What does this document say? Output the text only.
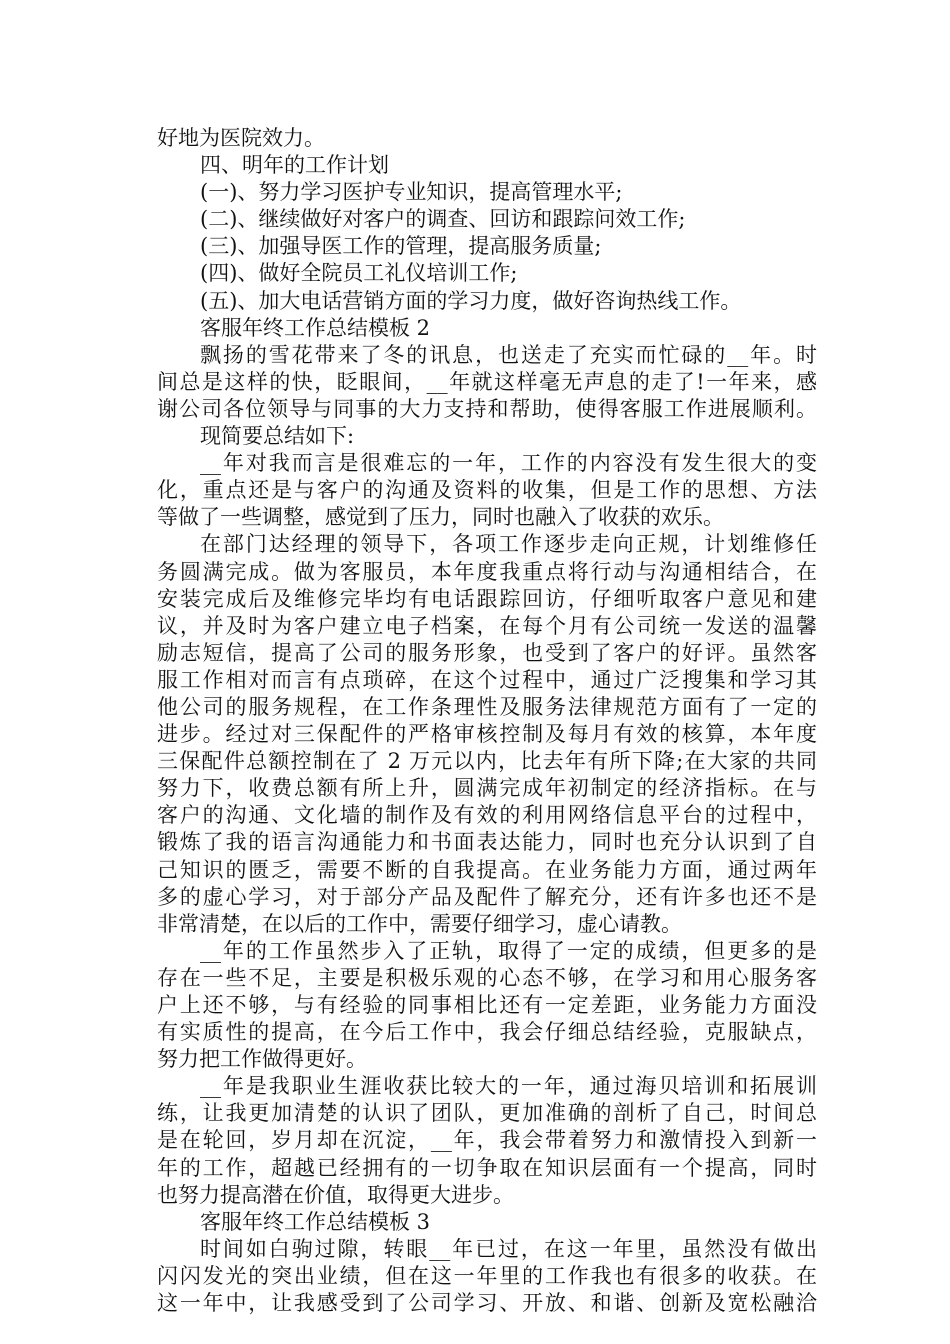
好地为医院效力。
四、明年的工作计划
(一)、努力学习医护专业知识，提高管理水平;
(二)、继续做好对客户的调查、回访和跟踪问效工作;
(三)、加强导医工作的管理，提高服务质量;
(四)、做好全院员工礼仪培训工作;
(五)、加大电话营销方面的学习力度，做好咨询热线工作。
客服年终工作总结模板 2
飘扬的雪花带来了冬的讯息，也送走了充实而忙碌的__年。时
间总是这样的快，眨眼间，__年就这样毫无声息的走了!一年来，感
谢公司各位领导与同事的大力支持和帮助，使得客服工作进展顺利。
现简要总结如下:
__年对我而言是很难忘的一年，工作的内容没有发生很大的变
化，重点还是与客户的沟通及资料的收集，但是工作的思想、方法
等做了一些调整，感觉到了压力，同时也融入了收获的欢乐。
在部门达经理的领导下，各项工作逐步走向正规，计划维修任
务圆满完成。做为客服员，本年度我重点将行动与沟通相结合，在
安装完成后及维修完毕均有电话跟踪回访，仔细听取客户意见和建
议，并及时为客户建立电子档案，在每个月有公司统一发送的温馨
励志短信，提高了公司的服务形象，也受到了客户的好评。虽然客
服工作相对而言有点琐碎，在这个过程中，通过广泛搜集和学习其
他公司的服务规程，在工作条理性及服务法律规范方面有了一定的
进步。经过对三保配件的严格审核控制及每月有效的核算，本年度
三保配件总额控制在了 2 万元以内，比去年有所下降;在大家的共同
努力下，收费总额有所上升，圆满完成年初制定的经济指标。在与
客户的沟通、文化墙的制作及有效的利用网络信息平台的过程中，
锻炼了我的语言沟通能力和书面表达能力，同时也充分认识到了自
己知识的匮乏，需要不断的自我提高。在业务能力方面，通过两年
多的虚心学习，对于部分产品及配件了解充分，还有许多也还不是
非常清楚，在以后的工作中，需要仔细学习，虚心请教。
__年的工作虽然步入了正轨，取得了一定的成绩，但更多的是
存在一些不足，主要是积极乐观的心态不够，在学习和用心服务客
户上还不够，与有经验的同事相比还有一定差距，业务能力方面没
有实质性的提高，在今后工作中，我会仔细总结经验，克服缺点，
努力把工作做得更好。
__年是我职业生涯收获比较大的一年，通过海贝培训和拓展训
练，让我更加清楚的认识了团队，更加准确的剖析了自己，时间总
是在轮回，岁月却在沉淀，__年，我会带着努力和激情投入到新一
年的工作，超越已经拥有的一切争取在知识层面有一个提高，同时
也努力提高潜在价值，取得更大进步。
客服年终工作总结模板 3
时间如白驹过隙，转眼__年已过，在这一年里，虽然没有做出
闪闪发光的突出业绩，但在这一年里的工作我也有很多的收获。在
这一年中，让我感受到了公司学习、开放、和谐、创新及宽松融洽
